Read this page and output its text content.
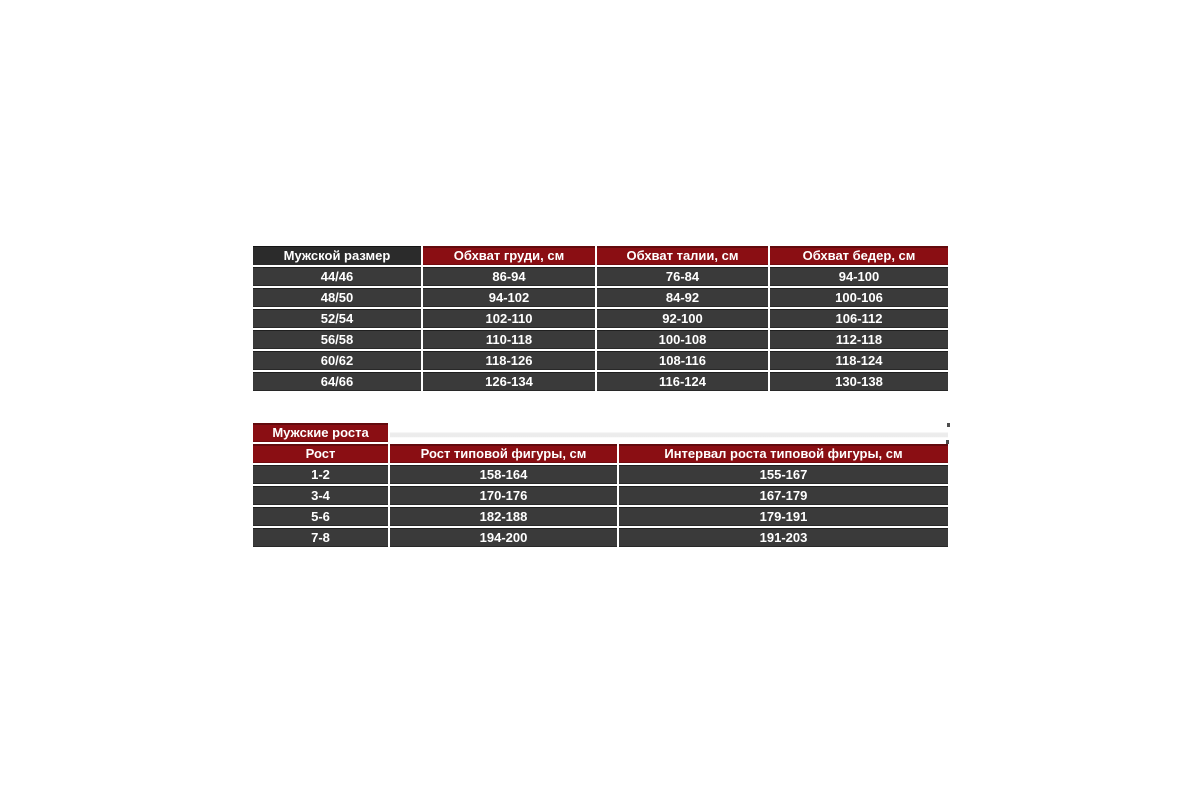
Мужской размер	Обхват груди, см	Обхват талии, см	Обхват бедер, см
44/46	86-94	76-84	94-100
48/50	94-102	84-92	100-106
52/54	102-110	92-100	106-112
56/58	110-118	100-108	112-118
60/62	118-126	108-116	118-124
64/66	126-134	116-124	130-138
Мужские роста		
Рост	Рост типовой фигуры, см	Интервал роста типовой фигуры, см
1-2	158-164	155-167
3-4	170-176	167-179
5-6	182-188	179-191
7-8	194-200	191-203
